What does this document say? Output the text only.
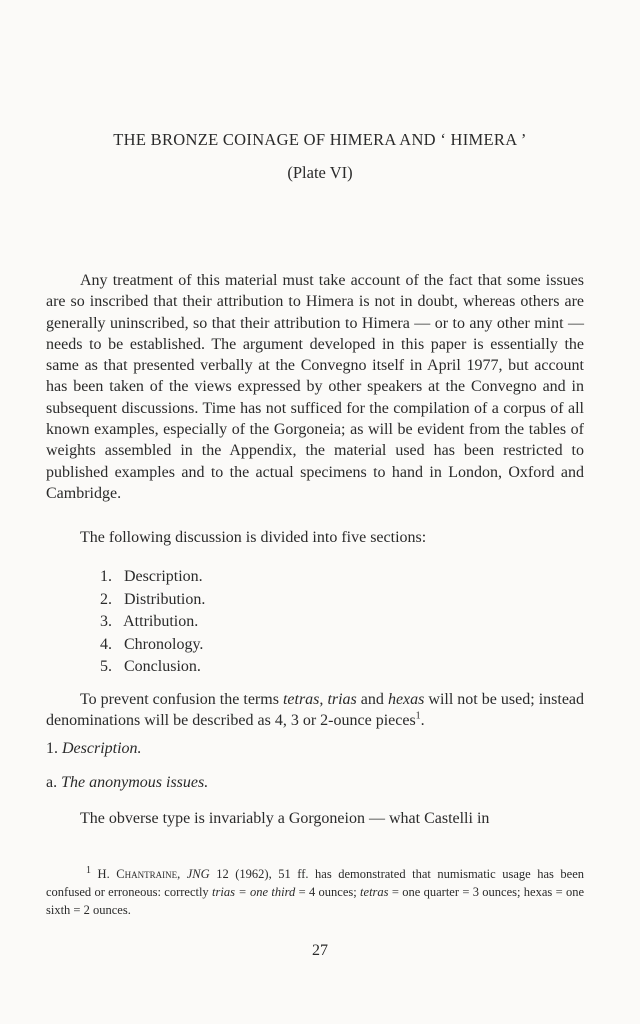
THE BRONZE COINAGE OF HIMERA AND ‘ HIMERA ’
(Plate VI)

Any treatment of this material must take account of the fact that some issues are so inscribed that their attribution to Himera is not in doubt, whereas others are generally uninscribed, so that their attribution to Himera — or to any other mint — needs to be established. The argument developed in this paper is essentially the same as that presented verbally at the Convegno itself in April 1977, but account has been taken of the views expressed by other speakers at the Convegno and in subsequent discussions. Time has not sufficed for the compilation of a corpus of all known examples, especially of the Gorgoneia; as will be evident from the tables of weights assembled in the Appendix, the material used has been restricted to published examples and to the actual specimens to hand in London, Oxford and Cambridge.

The following discussion is divided into five sections:

1. Description.
2. Distribution.
3. Attribution.
4. Chronology.
5. Conclusion.

To prevent confusion the terms tetras, trias and hexas will not be used; instead denominations will be described as 4, 3 or 2-ounce pieces$^1$.

1. Description.
a. The anonymous issues.

The obverse type is invariably a Gorgoneion — what Castelli in

$^1$ H. Chantraine, JNG 12 (1962), 51 ff. has demonstrated that numismatic usage has been confused or erroneous: correctly trias = one third = 4 ounces; tetras = one quarter = 3 ounces; hexas = one sixth = 2 ounces.

27
